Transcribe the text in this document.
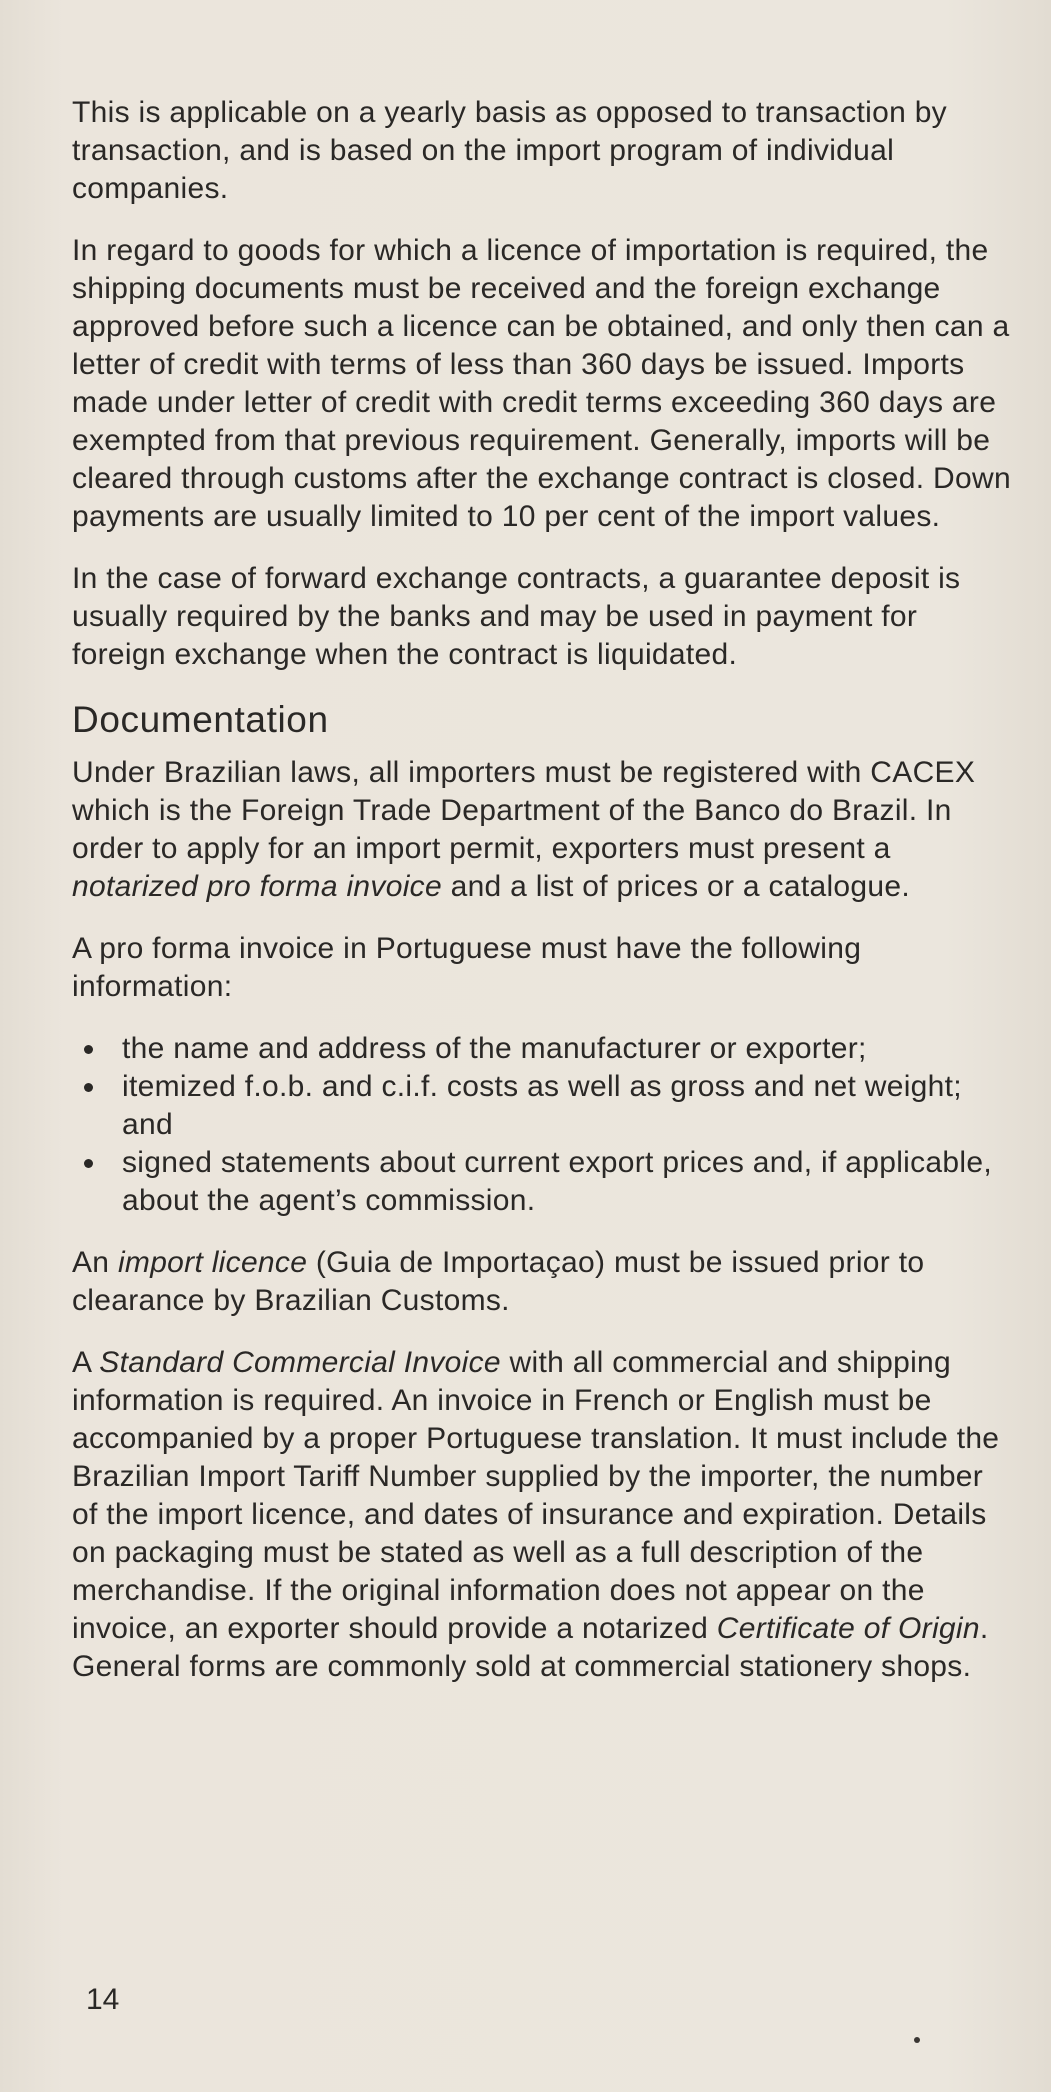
This is applicable on a yearly basis as opposed to transaction by transaction, and is based on the import program of individual companies.

In regard to goods for which a licence of importation is required, the shipping documents must be received and the foreign exchange approved before such a licence can be obtained, and only then can a letter of credit with terms of less than 360 days be issued. Imports made under letter of credit with credit terms exceeding 360 days are exempted from that previous requirement. Generally, imports will be cleared through customs after the exchange contract is closed. Down payments are usually limited to 10 per cent of the import values.

In the case of forward exchange contracts, a guarantee deposit is usually required by the banks and may be used in payment for foreign exchange when the contract is liquidated.

Documentation

Under Brazilian laws, all importers must be registered with CACEX which is the Foreign Trade Department of the Banco do Brazil. In order to apply for an import permit, exporters must present a notarized pro forma invoice and a list of prices or a catalogue.

A pro forma invoice in Portuguese must have the following information:

the name and address of the manufacturer or exporter;
itemized f.o.b. and c.i.f. costs as well as gross and net weight; and
signed statements about current export prices and, if applicable, about the agent’s commission.

An import licence (Guia de Importaçao) must be issued prior to clearance by Brazilian Customs.

A Standard Commercial Invoice with all commercial and shipping information is required. An invoice in French or English must be accompanied by a proper Portuguese translation. It must include the Brazilian Import Tariff Number supplied by the importer, the number of the import licence, and dates of insurance and expiration. Details on packaging must be stated as well as a full description of the merchandise. If the original information does not appear on the invoice, an exporter should provide a notarized Certificate of Origin. General forms are commonly sold at commercial stationery shops.

14
